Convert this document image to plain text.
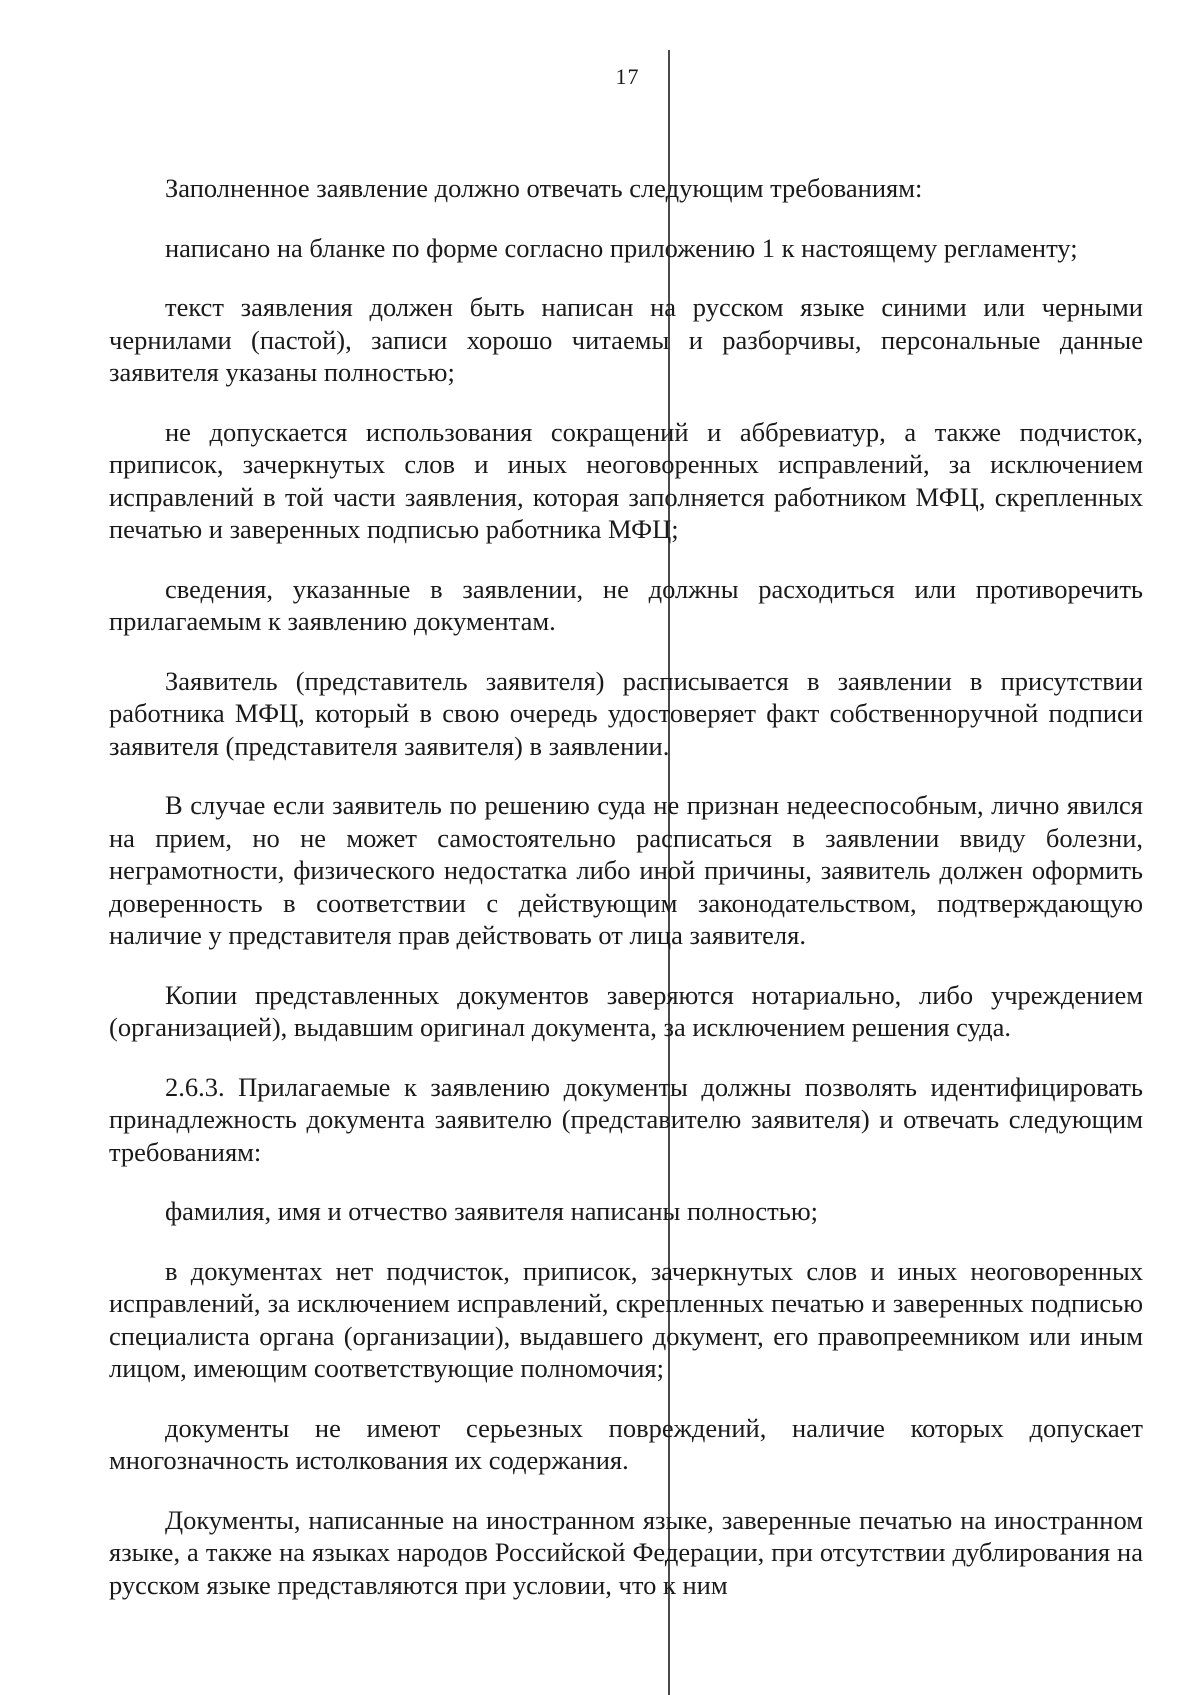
17

Заполненное заявление должно отвечать следующим требованиям:

написано на бланке по форме согласно приложению 1 к настоящему регламенту;

текст заявления должен быть написан на русском языке синими или черными чернилами (пастой), записи хорошо читаемы и разборчивы, персональные данные заявителя указаны полностью;

не допускается использования сокращений и аббревиатур, а также подчисток, приписок, зачеркнутых слов и иных неоговоренных исправлений, за исключением исправлений в той части заявления, которая заполняется работником МФЦ, скрепленных печатью и заверенных подписью работника МФЦ;

сведения, указанные в заявлении, не должны расходиться или противоречить прилагаемым к заявлению документам.

Заявитель (представитель заявителя) расписывается в заявлении в присутствии работника МФЦ, который в свою очередь удостоверяет факт собственноручной подписи заявителя (представителя заявителя) в заявлении.

В случае если заявитель по решению суда не признан недееспособным, лично явился на прием, но не может самостоятельно расписаться в заявлении ввиду болезни, неграмотности, физического недостатка либо иной причины, заявитель должен оформить доверенность в соответствии с действующим законодательством, подтверждающую наличие у представителя прав действовать от лица заявителя.

Копии представленных документов заверяются нотариально, либо учреждением (организацией), выдавшим оригинал документа, за исключением решения суда.

2.6.3. Прилагаемые к заявлению документы должны позволять идентифицировать принадлежность документа заявителю (представителю заявителя) и отвечать следующим требованиям:

фамилия, имя и отчество заявителя написаны полностью;

в документах нет подчисток, приписок, зачеркнутых слов и иных неоговоренных исправлений, за исключением исправлений, скрепленных печатью и заверенных подписью специалиста органа (организации), выдавшего документ, его правопреемником или иным лицом, имеющим соответствующие полномочия;

документы не имеют серьезных повреждений, наличие которых допускает многозначность истолкования их содержания.

Документы, написанные на иностранном языке, заверенные печатью на иностранном языке, а также на языках народов Российской Федерации, при отсутствии дублирования на русском языке представляются при условии, что к ним
